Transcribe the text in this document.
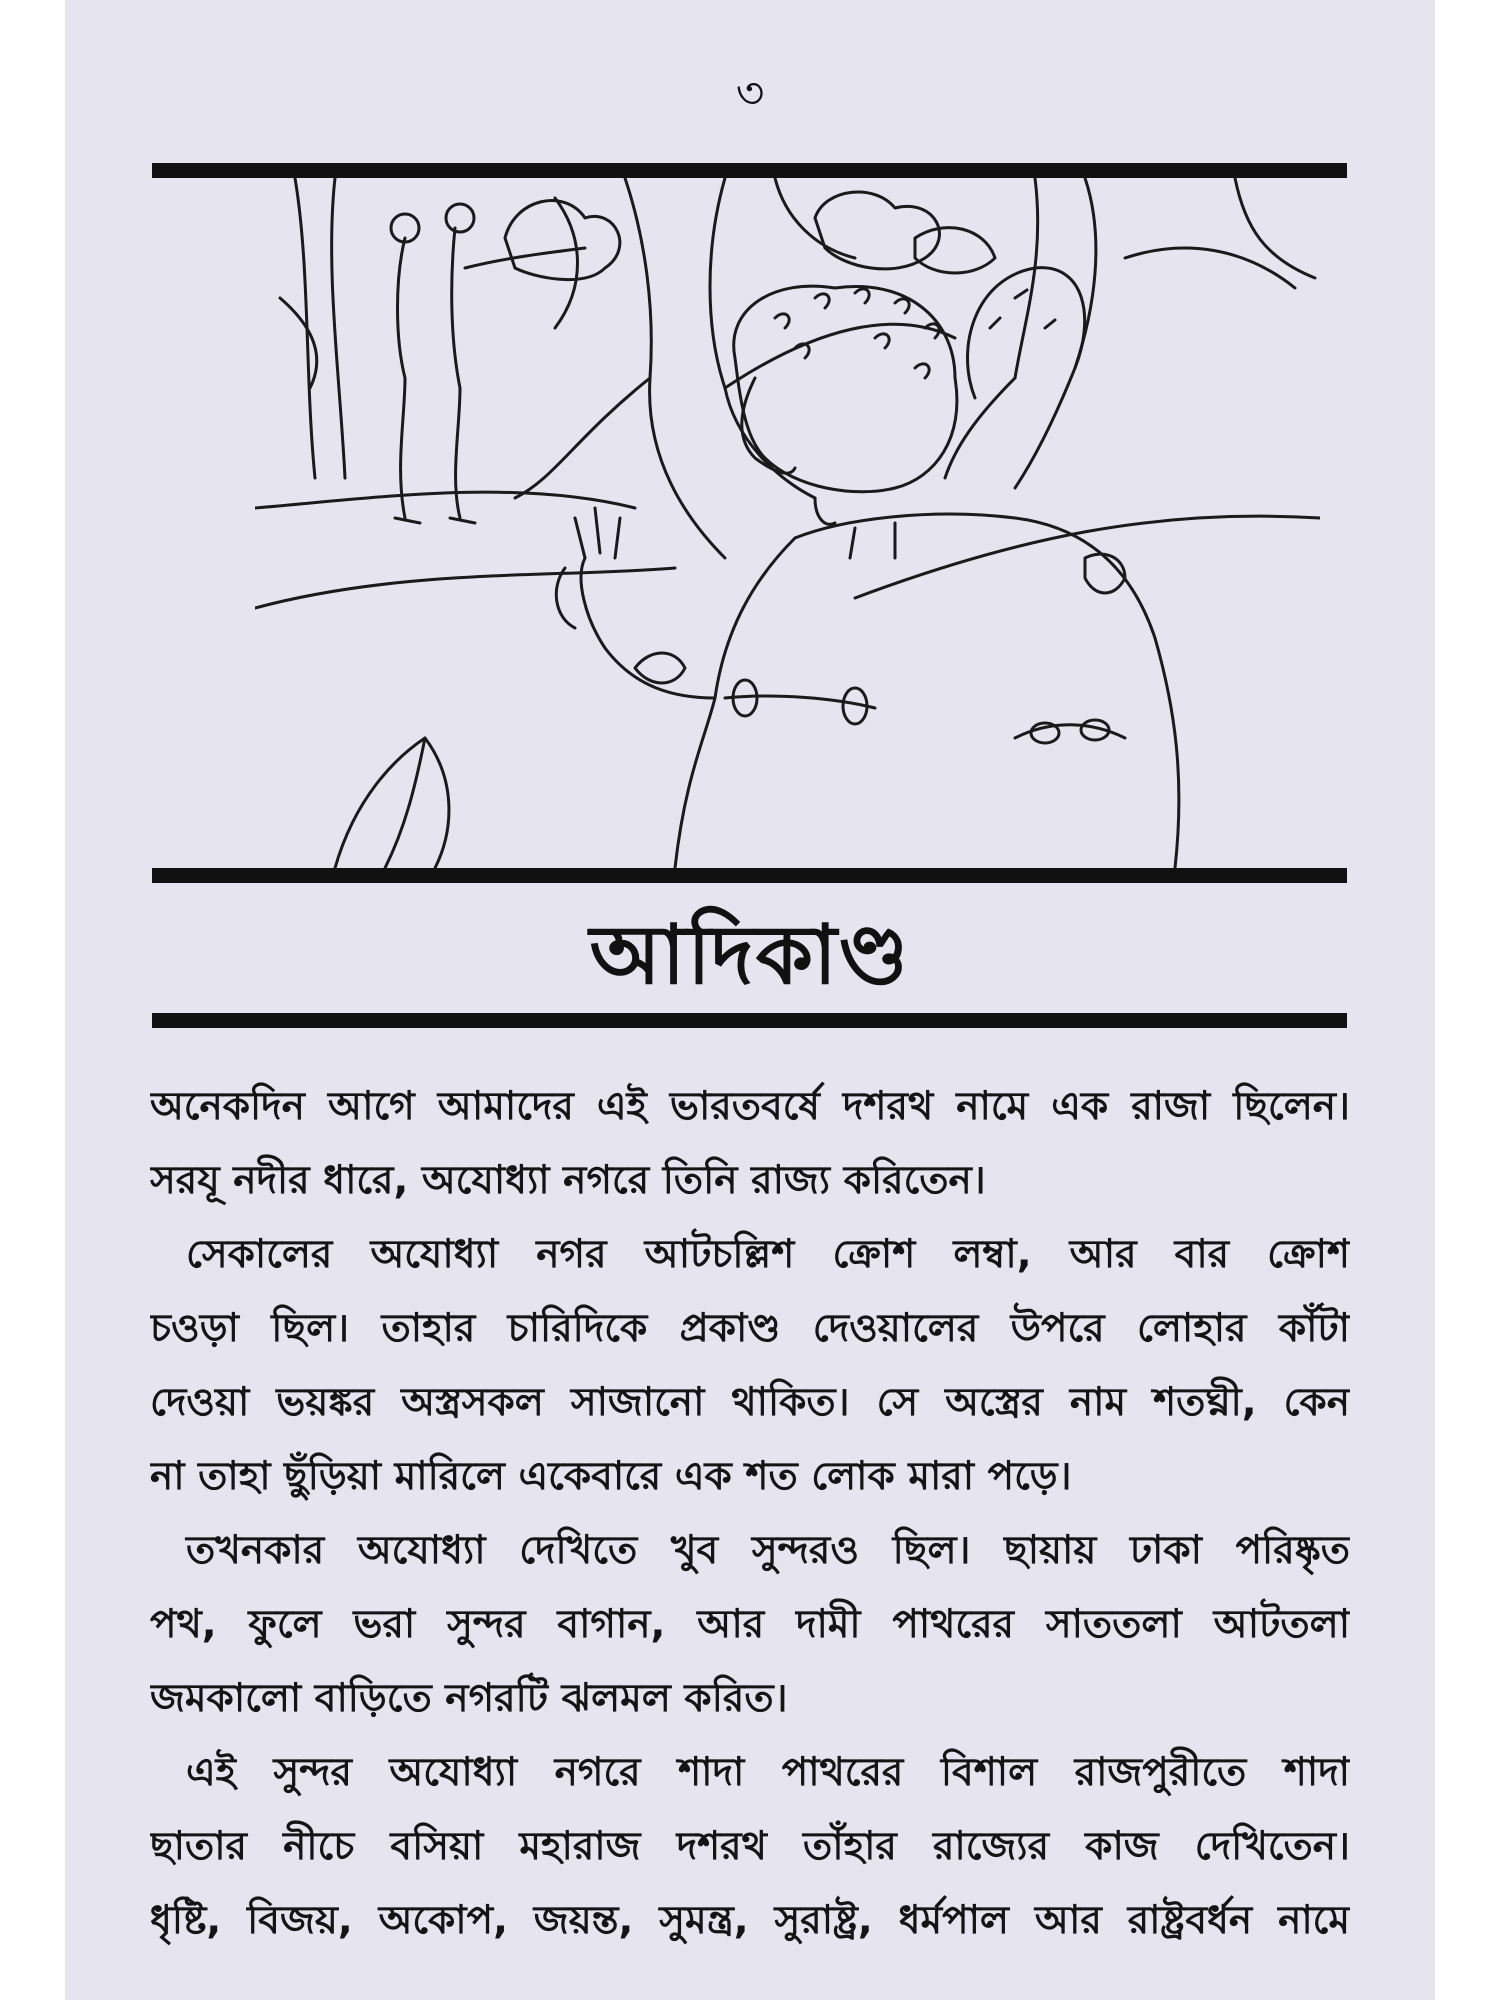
৩
আদিকাণ্ড
অনেকদিন আগে আমাদের এই ভারতবর্ষে দশরথ নামে এক রাজা ছিলেন।
সরযূ নদীর ধারে, অযোধ্যা নগরে তিনি রাজ্য করিতেন।
সেকালের অযোধ্যা নগর আটচল্লিশ ক্রোশ লম্বা, আর বার ক্রোশ
চওড়া ছিল। তাহার চারিদিকে প্রকাণ্ড দেওয়ালের উপরে লোহার কাঁটা
দেওয়া ভয়ঙ্কর অস্ত্রসকল সাজানো থাকিত। সে অস্ত্রের নাম শতঘ্নী, কেন
না তাহা ছুঁড়িয়া মারিলে একেবারে এক শত লোক মারা পড়ে।
তখনকার অযোধ্যা দেখিতে খুব সুন্দরও ছিল। ছায়ায় ঢাকা পরিষ্কৃত
পথ, ফুলে ভরা সুন্দর বাগান, আর দামী পাথরের সাততলা আটতলা
জমকালো বাড়িতে নগরটি ঝলমল করিত।
এই সুন্দর অযোধ্যা নগরে শাদা পাথরের বিশাল রাজপুরীতে শাদা
ছাতার নীচে বসিয়া মহারাজ দশরথ তাঁহার রাজ্যের কাজ দেখিতেন।
ধৃষ্টি, বিজয়, অকোপ, জয়ন্ত, সুমন্ত্র, সুরাষ্ট্র, ধর্মপাল আর রাষ্ট্রবর্ধন নামে
